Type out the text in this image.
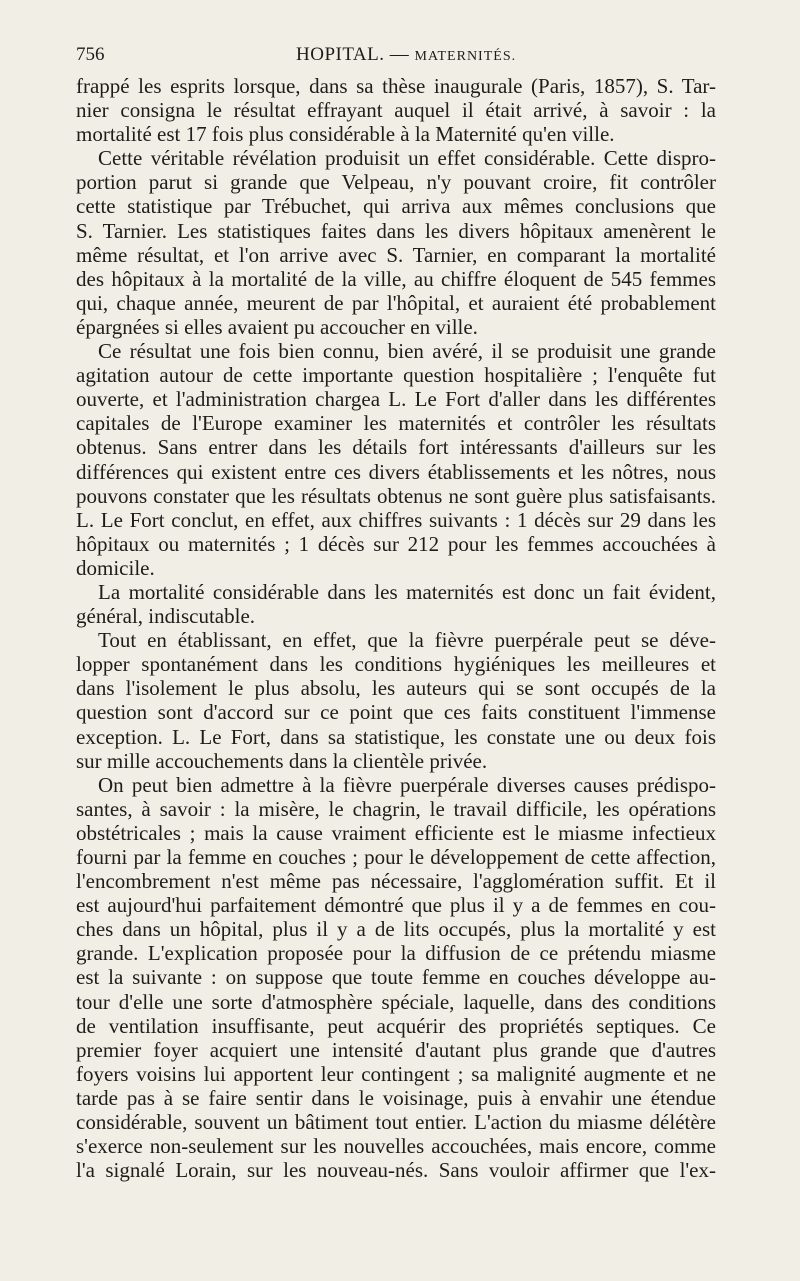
756	HOPITAL. — MATERNITÉS.

frappé les esprits lorsque, dans sa thèse inaugurale (Paris, 1857), S. Tar-

nier consigna le résultat effrayant auquel il était arrivé, à savoir : la

mortalité est 17 fois plus considérable à la Maternité qu'en ville.

Cette véritable révélation produisit un effet considérable. Cette dispro-

portion parut si grande que Velpeau, n'y pouvant croire, fit contrôler

cette statistique par Trébuchet, qui arriva aux mêmes conclusions que

S. Tarnier. Les statistiques faites dans les divers hôpitaux amenèrent le

même résultat, et l'on arrive avec S. Tarnier, en comparant la mortalité

des hôpitaux à la mortalité de la ville, au chiffre éloquent de 545 femmes

qui, chaque année, meurent de par l'hôpital, et auraient été probablement

épargnées si elles avaient pu accoucher en ville.

Ce résultat une fois bien connu, bien avéré, il se produisit une grande

agitation autour de cette importante question hospitalière ; l'enquête fut

ouverte, et l'administration chargea L. Le Fort d'aller dans les différentes

capitales de l'Europe examiner les maternités et contrôler les résultats

obtenus. Sans entrer dans les détails fort intéressants d'ailleurs sur les

différences qui existent entre ces divers établissements et les nôtres, nous

pouvons constater que les résultats obtenus ne sont guère plus satisfaisants.

L. Le Fort conclut, en effet, aux chiffres suivants : 1 décès sur 29 dans les

hôpitaux ou maternités ; 1 décès sur 212 pour les femmes accouchées à

domicile.

La mortalité considérable dans les maternités est donc un fait évident,

général, indiscutable.

Tout en établissant, en effet, que la fièvre puerpérale peut se déve-

lopper spontanément dans les conditions hygiéniques les meilleures et

dans l'isolement le plus absolu, les auteurs qui se sont occupés de la

question sont d'accord sur ce point que ces faits constituent l'immense

exception. L. Le Fort, dans sa statistique, les constate une ou deux fois

sur mille accouchements dans la clientèle privée.

On peut bien admettre à la fièvre puerpérale diverses causes prédispo-

santes, à savoir : la misère, le chagrin, le travail difficile, les opérations

obstétricales ; mais la cause vraiment efficiente est le miasme infectieux

fourni par la femme en couches ; pour le développement de cette affection,

l'encombrement n'est même pas nécessaire, l'agglomération suffit. Et il

est aujourd'hui parfaitement démontré que plus il y a de femmes en cou-

ches dans un hôpital, plus il y a de lits occupés, plus la mortalité y est

grande. L'explication proposée pour la diffusion de ce prétendu miasme

est la suivante : on suppose que toute femme en couches développe au-

tour d'elle une sorte d'atmosphère spéciale, laquelle, dans des conditions

de ventilation insuffisante, peut acquérir des propriétés septiques. Ce

premier foyer acquiert une intensité d'autant plus grande que d'autres

foyers voisins lui apportent leur contingent ; sa malignité augmente et ne

tarde pas à se faire sentir dans le voisinage, puis à envahir une étendue

considérable, souvent un bâtiment tout entier. L'action du miasme délétère

s'exerce non-seulement sur les nouvelles accouchées, mais encore, comme

l'a signalé Lorain, sur les nouveau-nés. Sans vouloir affirmer que l'ex-
